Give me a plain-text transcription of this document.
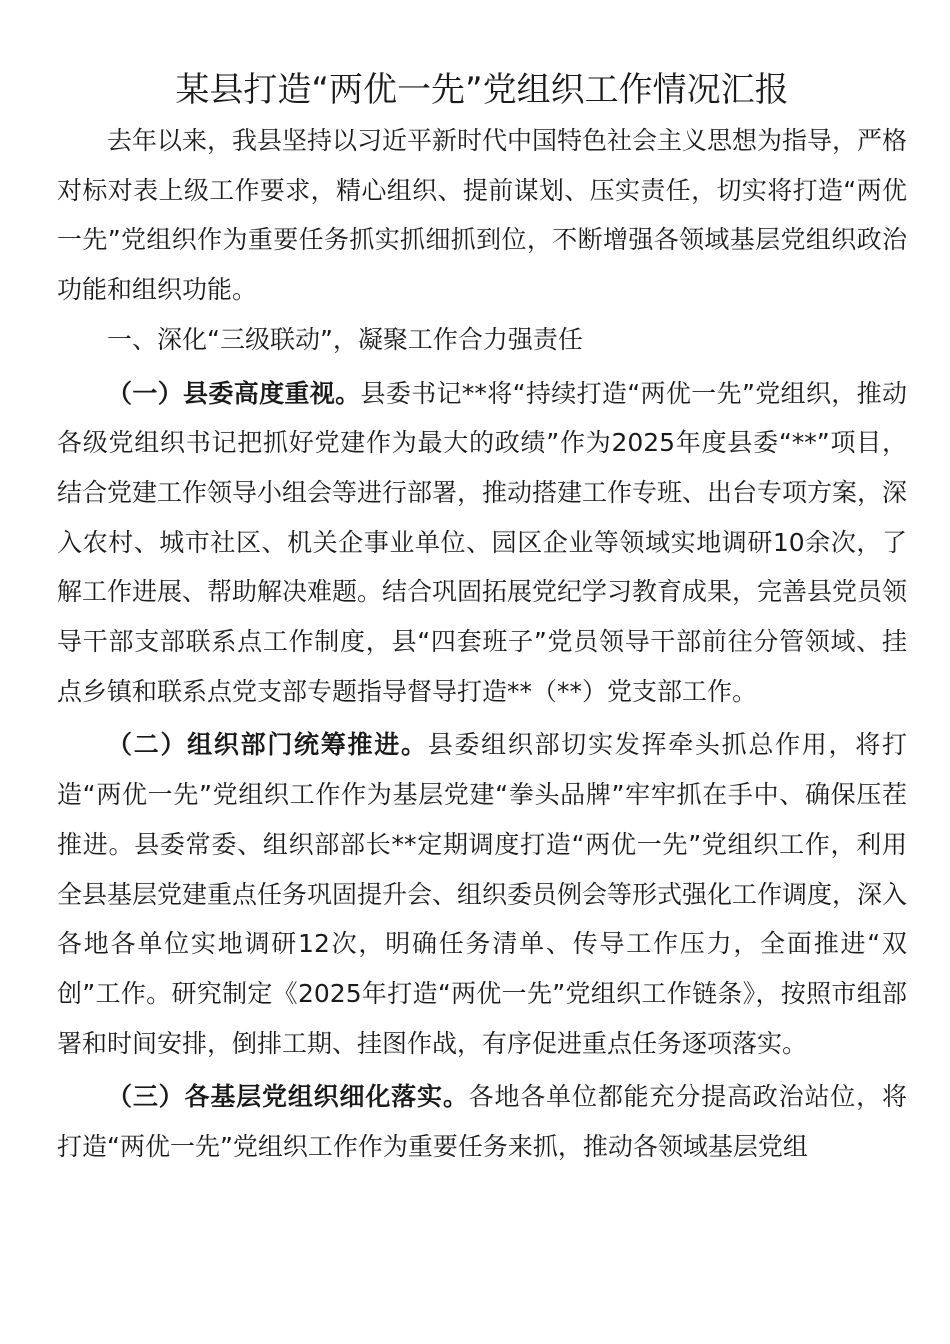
某县打造“两优一先”党组织工作情况汇报

去年以来，我县坚持以习近平新时代中国特色社会主义思想为指导，严格对标对表上级工作要求，精心组织、提前谋划、压实责任，切实将打造“两优一先”党组织作为重要任务抓实抓细抓到位，不断增强各领域基层党组织政治功能和组织功能。

一、深化“三级联动”，凝聚工作合力强责任

（一）县委高度重视。县委书记**将“持续打造“两优一先”党组织，推动各级党组织书记把抓好党建作为最大的政绩”作为2025年度县委“**”项目，结合党建工作领导小组会等进行部署，推动搭建工作专班、出台专项方案，深入农村、城市社区、机关企事业单位、园区企业等领域实地调研10余次，了解工作进展、帮助解决难题。结合巩固拓展党纪学习教育成果，完善县党员领导干部支部联系点工作制度，县“四套班子”党员领导干部前往分管领域、挂点乡镇和联系点党支部专题指导督导打造**（**）党支部工作。

（二）组织部门统筹推进。县委组织部切实发挥牵头抓总作用，将打造“两优一先”党组织工作作为基层党建“拳头品牌”牢牢抓在手中、确保压茬推进。县委常委、组织部部长**定期调度打造“两优一先”党组织工作，利用全县基层党建重点任务巩固提升会、组织委员例会等形式强化工作调度，深入各地各单位实地调研12次，明确任务清单、传导工作压力，全面推进“双创”工作。研究制定《2025年打造“两优一先”党组织工作链条》，按照市组部署和时间安排，倒排工期、挂图作战，有序促进重点任务逐项落实。

（三）各基层党组织细化落实。各地各单位都能充分提高政治站位，将打造“两优一先”党组织工作作为重要任务来抓，推动各领域基层党组
